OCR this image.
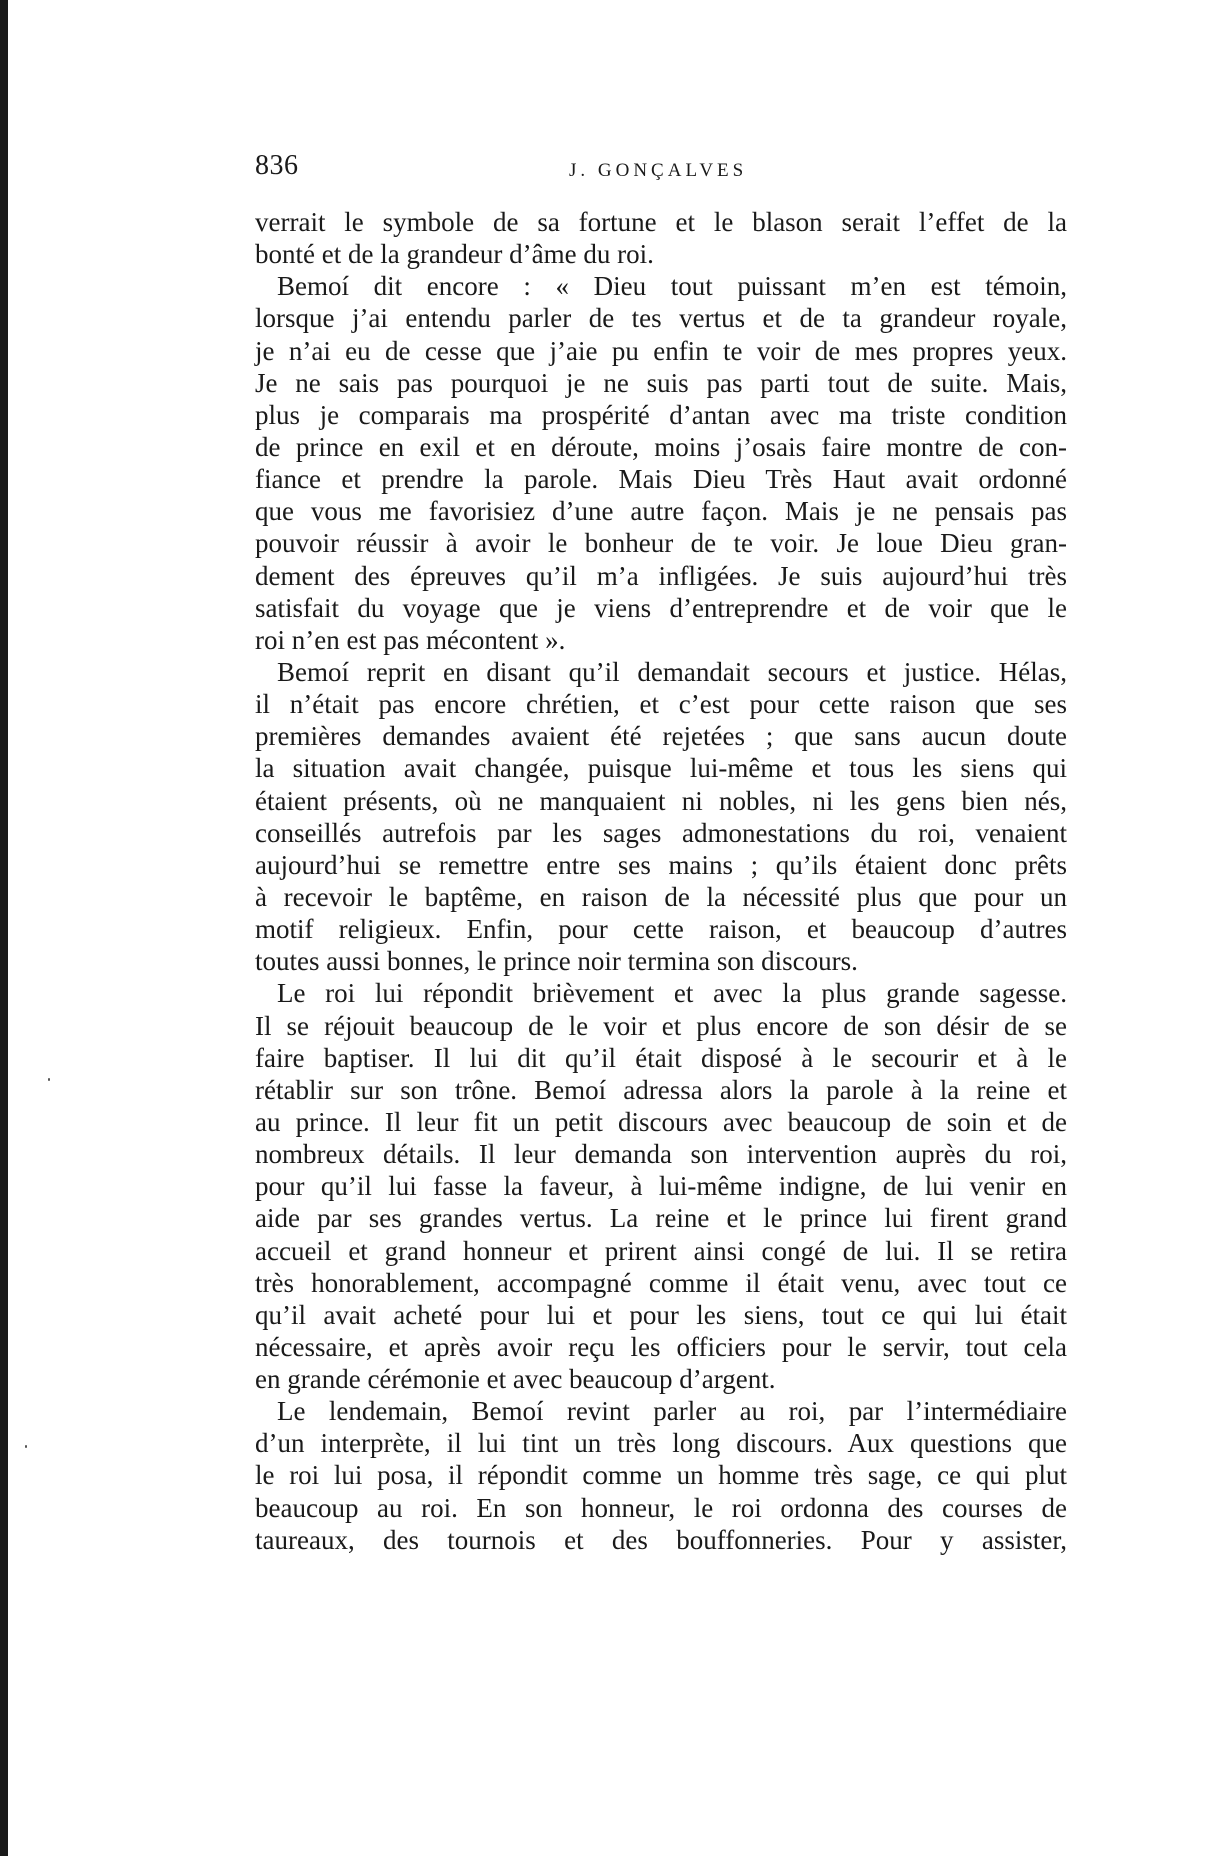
836	J. GONÇALVES
verrait le symbole de sa fortune et le blason serait l’effet de la
bonté et de la grandeur d’âme du roi.
Bemoí dit encore : « Dieu tout puissant m’en est témoin,
lorsque j’ai entendu parler de tes vertus et de ta grandeur royale,
je n’ai eu de cesse que j’aie pu enfin te voir de mes propres yeux.
Je ne sais pas pourquoi je ne suis pas parti tout de suite. Mais,
plus je comparais ma prospérité d’antan avec ma triste condition
de prince en exil et en déroute, moins j’osais faire montre de con-
fiance et prendre la parole. Mais Dieu Très Haut avait ordonné
que vous me favorisiez d’une autre façon. Mais je ne pensais pas
pouvoir réussir à avoir le bonheur de te voir. Je loue Dieu gran-
dement des épreuves qu’il m’a infligées. Je suis aujourd’hui très
satisfait du voyage que je viens d’entreprendre et de voir que le
roi n’en est pas mécontent ».
Bemoí reprit en disant qu’il demandait secours et justice. Hélas,
il n’était pas encore chrétien, et c’est pour cette raison que ses
premières demandes avaient été rejetées ; que sans aucun doute
la situation avait changée, puisque lui-même et tous les siens qui
étaient présents, où ne manquaient ni nobles, ni les gens bien nés,
conseillés autrefois par les sages admonestations du roi, venaient
aujourd’hui se remettre entre ses mains ; qu’ils étaient donc prêts
à recevoir le baptême, en raison de la nécessité plus que pour un
motif religieux. Enfin, pour cette raison, et beaucoup d’autres
toutes aussi bonnes, le prince noir termina son discours.
Le roi lui répondit brièvement et avec la plus grande sagesse.
Il se réjouit beaucoup de le voir et plus encore de son désir de se
faire baptiser. Il lui dit qu’il était disposé à le secourir et à le
rétablir sur son trône. Bemoí adressa alors la parole à la reine et
au prince. Il leur fit un petit discours avec beaucoup de soin et de
nombreux détails. Il leur demanda son intervention auprès du roi,
pour qu’il lui fasse la faveur, à lui-même indigne, de lui venir en
aide par ses grandes vertus. La reine et le prince lui firent grand
accueil et grand honneur et prirent ainsi congé de lui. Il se retira
très honorablement, accompagné comme il était venu, avec tout ce
qu’il avait acheté pour lui et pour les siens, tout ce qui lui était
nécessaire, et après avoir reçu les officiers pour le servir, tout cela
en grande cérémonie et avec beaucoup d’argent.
Le lendemain, Bemoí revint parler au roi, par l’intermédiaire
d’un interprète, il lui tint un très long discours. Aux questions que
le roi lui posa, il répondit comme un homme très sage, ce qui plut
beaucoup au roi. En son honneur, le roi ordonna des courses de
taureaux, des tournois et des bouffonneries. Pour y assister,
